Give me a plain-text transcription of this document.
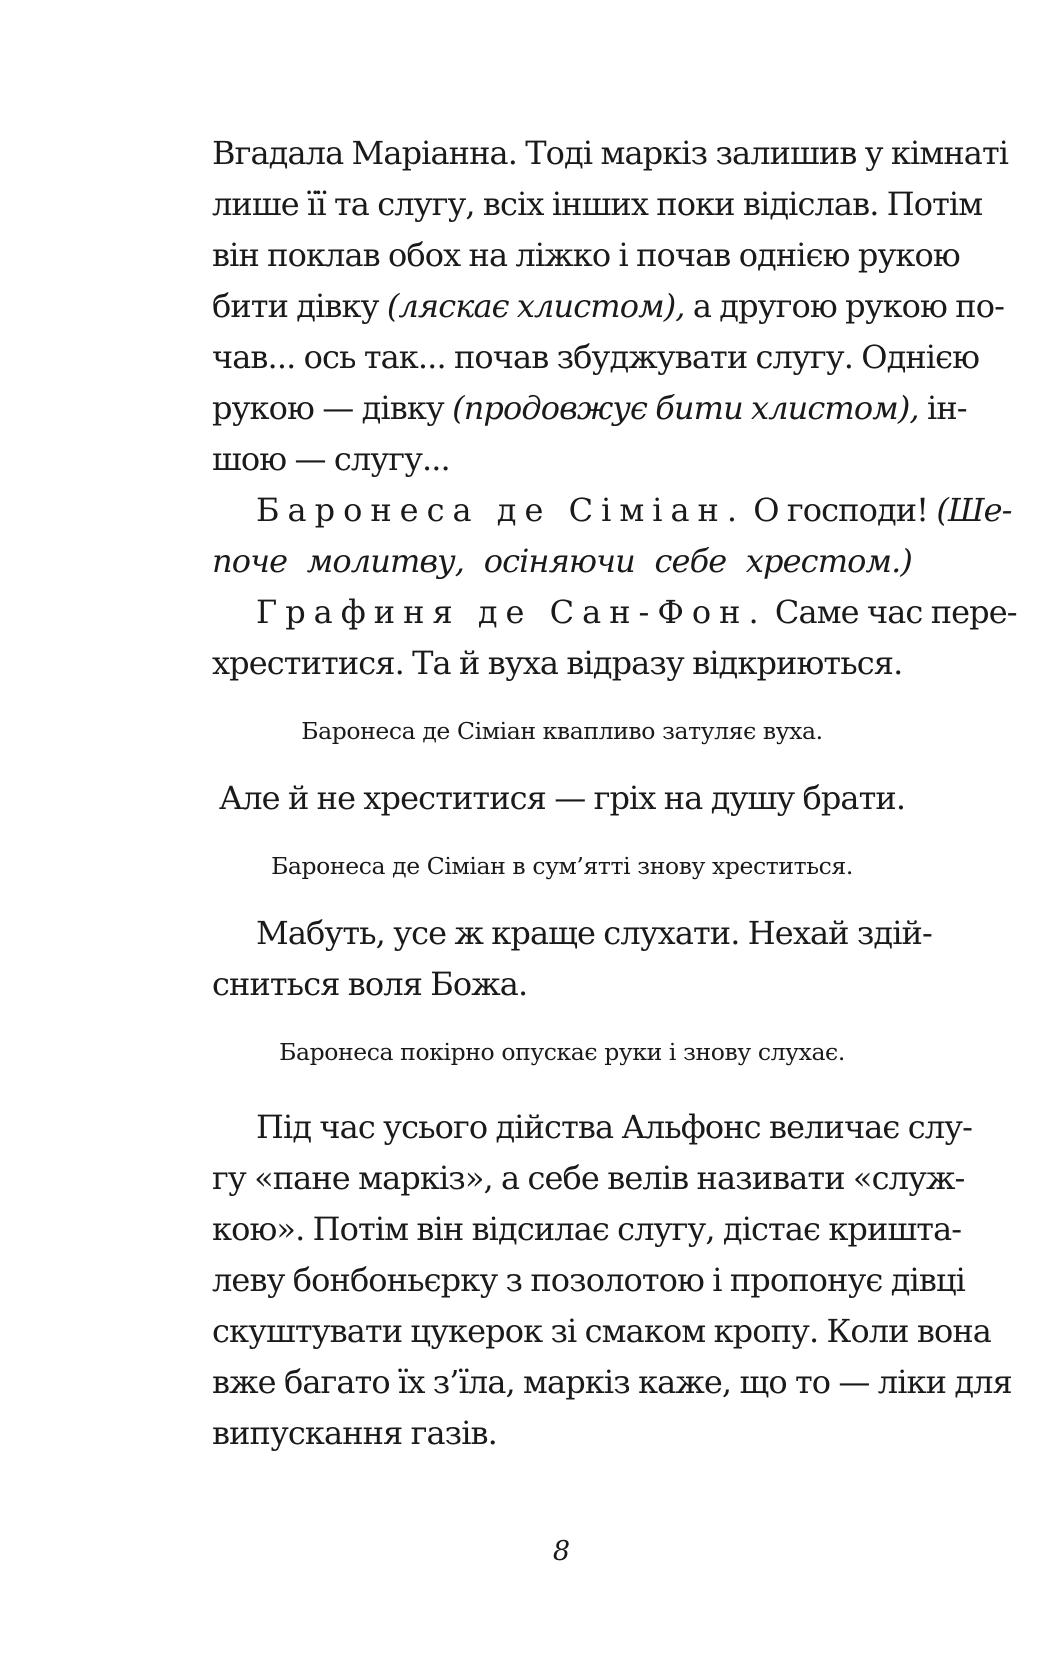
Вгадала Маріанна. Тоді маркіз залишив у кімнаті
лише її та слугу, всіх інших поки відіслав. Потім
він поклав обох на ліжко і почав однією рукою
бити дівку (ляскає хлистом), а другою рукою по-
чав... ось так... почав збуджувати слугу. Однією
рукою — дівку (продовжує бити хлистом), ін-
шою — слугу...
Баронеса де Сіміан. О господи! (Ше-
поче молитву, осіняючи себе хрестом.)
Графиня де Сан-Фон. Саме час пере-
хреститися. Та й вуха відразу відкриються.
Баронеса де Сіміан квапливо затуляє вуха.
Але й не хреститися — гріх на душу брати.
Баронеса де Сіміан в сум’ятті знову хреститься.
Мабуть, усе ж краще слухати. Нехай здій-
сниться воля Божа.
Баронеса покірно опускає руки і знову слухає.
Під час усього дійства Альфонс величає слу-
гу «пане маркіз», а себе велів називати «служ-
кою». Потім він відсилає слугу, дістає кришта-
леву бонбоньєрку з позолотою і пропонує дівці
скуштувати цукерок зі смаком кропу. Коли вона
вже багато їх з’їла, маркіз каже, що то — ліки для
випускання газів.
8
